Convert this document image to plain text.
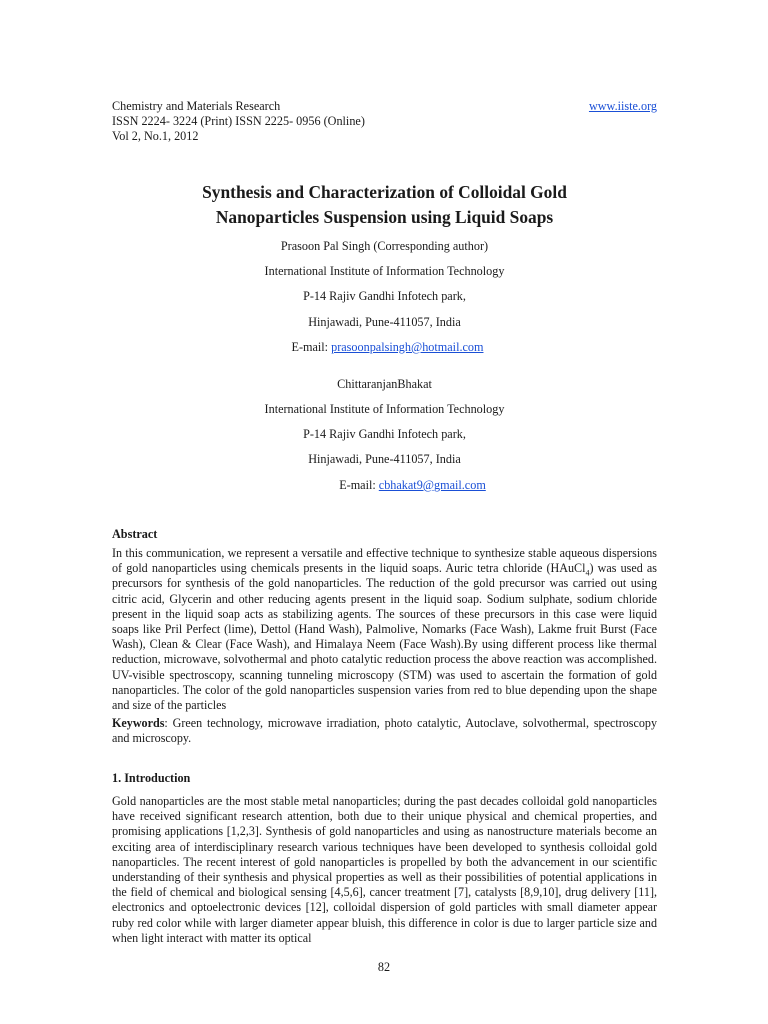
Chemistry and Materials Research	www.iiste.org
ISSN 2224- 3224 (Print) ISSN 2225- 0956 (Online)
Vol 2, No.1, 2012
Synthesis and Characterization of Colloidal Gold
Nanoparticles Suspension using Liquid Soaps
Prasoon Pal Singh (Corresponding author)
International Institute of Information Technology
P-14 Rajiv Gandhi Infotech park,
Hinjawadi, Pune-411057, India
E-mail: prasoonpalsingh@hotmail.com
ChittaranjanBhakat
International Institute of Information Technology
P-14 Rajiv Gandhi Infotech park,
Hinjawadi, Pune-411057, India
E-mail: cbhakat9@gmail.com
Abstract

In this communication, we represent a versatile and effective technique to synthesize stable aqueous dispersions of gold nanoparticles using chemicals presents in the liquid soaps. Auric tetra chloride (HAuCl$_4$) was used as precursors for synthesis of the gold nanoparticles. The reduction of the gold precursor was carried out using citric acid, Glycerin and other reducing agents present in the liquid soap. Sodium sulphate, sodium chloride present in the liquid soap acts as stabilizing agents. The sources of these precursors in this case were liquid soaps like Pril Perfect (lime), Dettol (Hand Wash), Palmolive, Nomarks (Face Wash), Lakme fruit Burst (Face Wash), Clean & Clear (Face Wash), and Himalaya Neem (Face Wash).By using different process like thermal reduction, microwave, solvothermal and photo catalytic reduction process the above reaction was accomplished. UV-visible spectroscopy, scanning tunneling microscopy (STM) was used to ascertain the formation of gold nanoparticles. The color of the gold nanoparticles suspension varies from red to blue depending upon the shape and size of the particles

Keywords: Green technology, microwave irradiation, photo catalytic, Autoclave, solvothermal, spectroscopy and microscopy.

1. Introduction

Gold nanoparticles are the most stable metal nanoparticles; during the past decades colloidal gold nanoparticles have received significant research attention, both due to their unique physical and chemical properties, and promising applications [1,2,3]. Synthesis of gold nanoparticles and using as nanostructure materials become an exciting area of interdisciplinary research various techniques have been developed to synthesis colloidal gold nanoparticles. The recent interest of gold nanoparticles is propelled by both the advancement in our scientific understanding of their synthesis and physical properties as well as their possibilities of potential applications in the field of chemical and biological sensing [4,5,6], cancer treatment [7], catalysts [8,9,10], drug delivery [11], electronics and optoelectronic devices [12], colloidal dispersion of gold particles with small diameter appear ruby red color while with larger diameter appear bluish, this difference in color is due to larger particle size and when light interact with matter its optical

82
